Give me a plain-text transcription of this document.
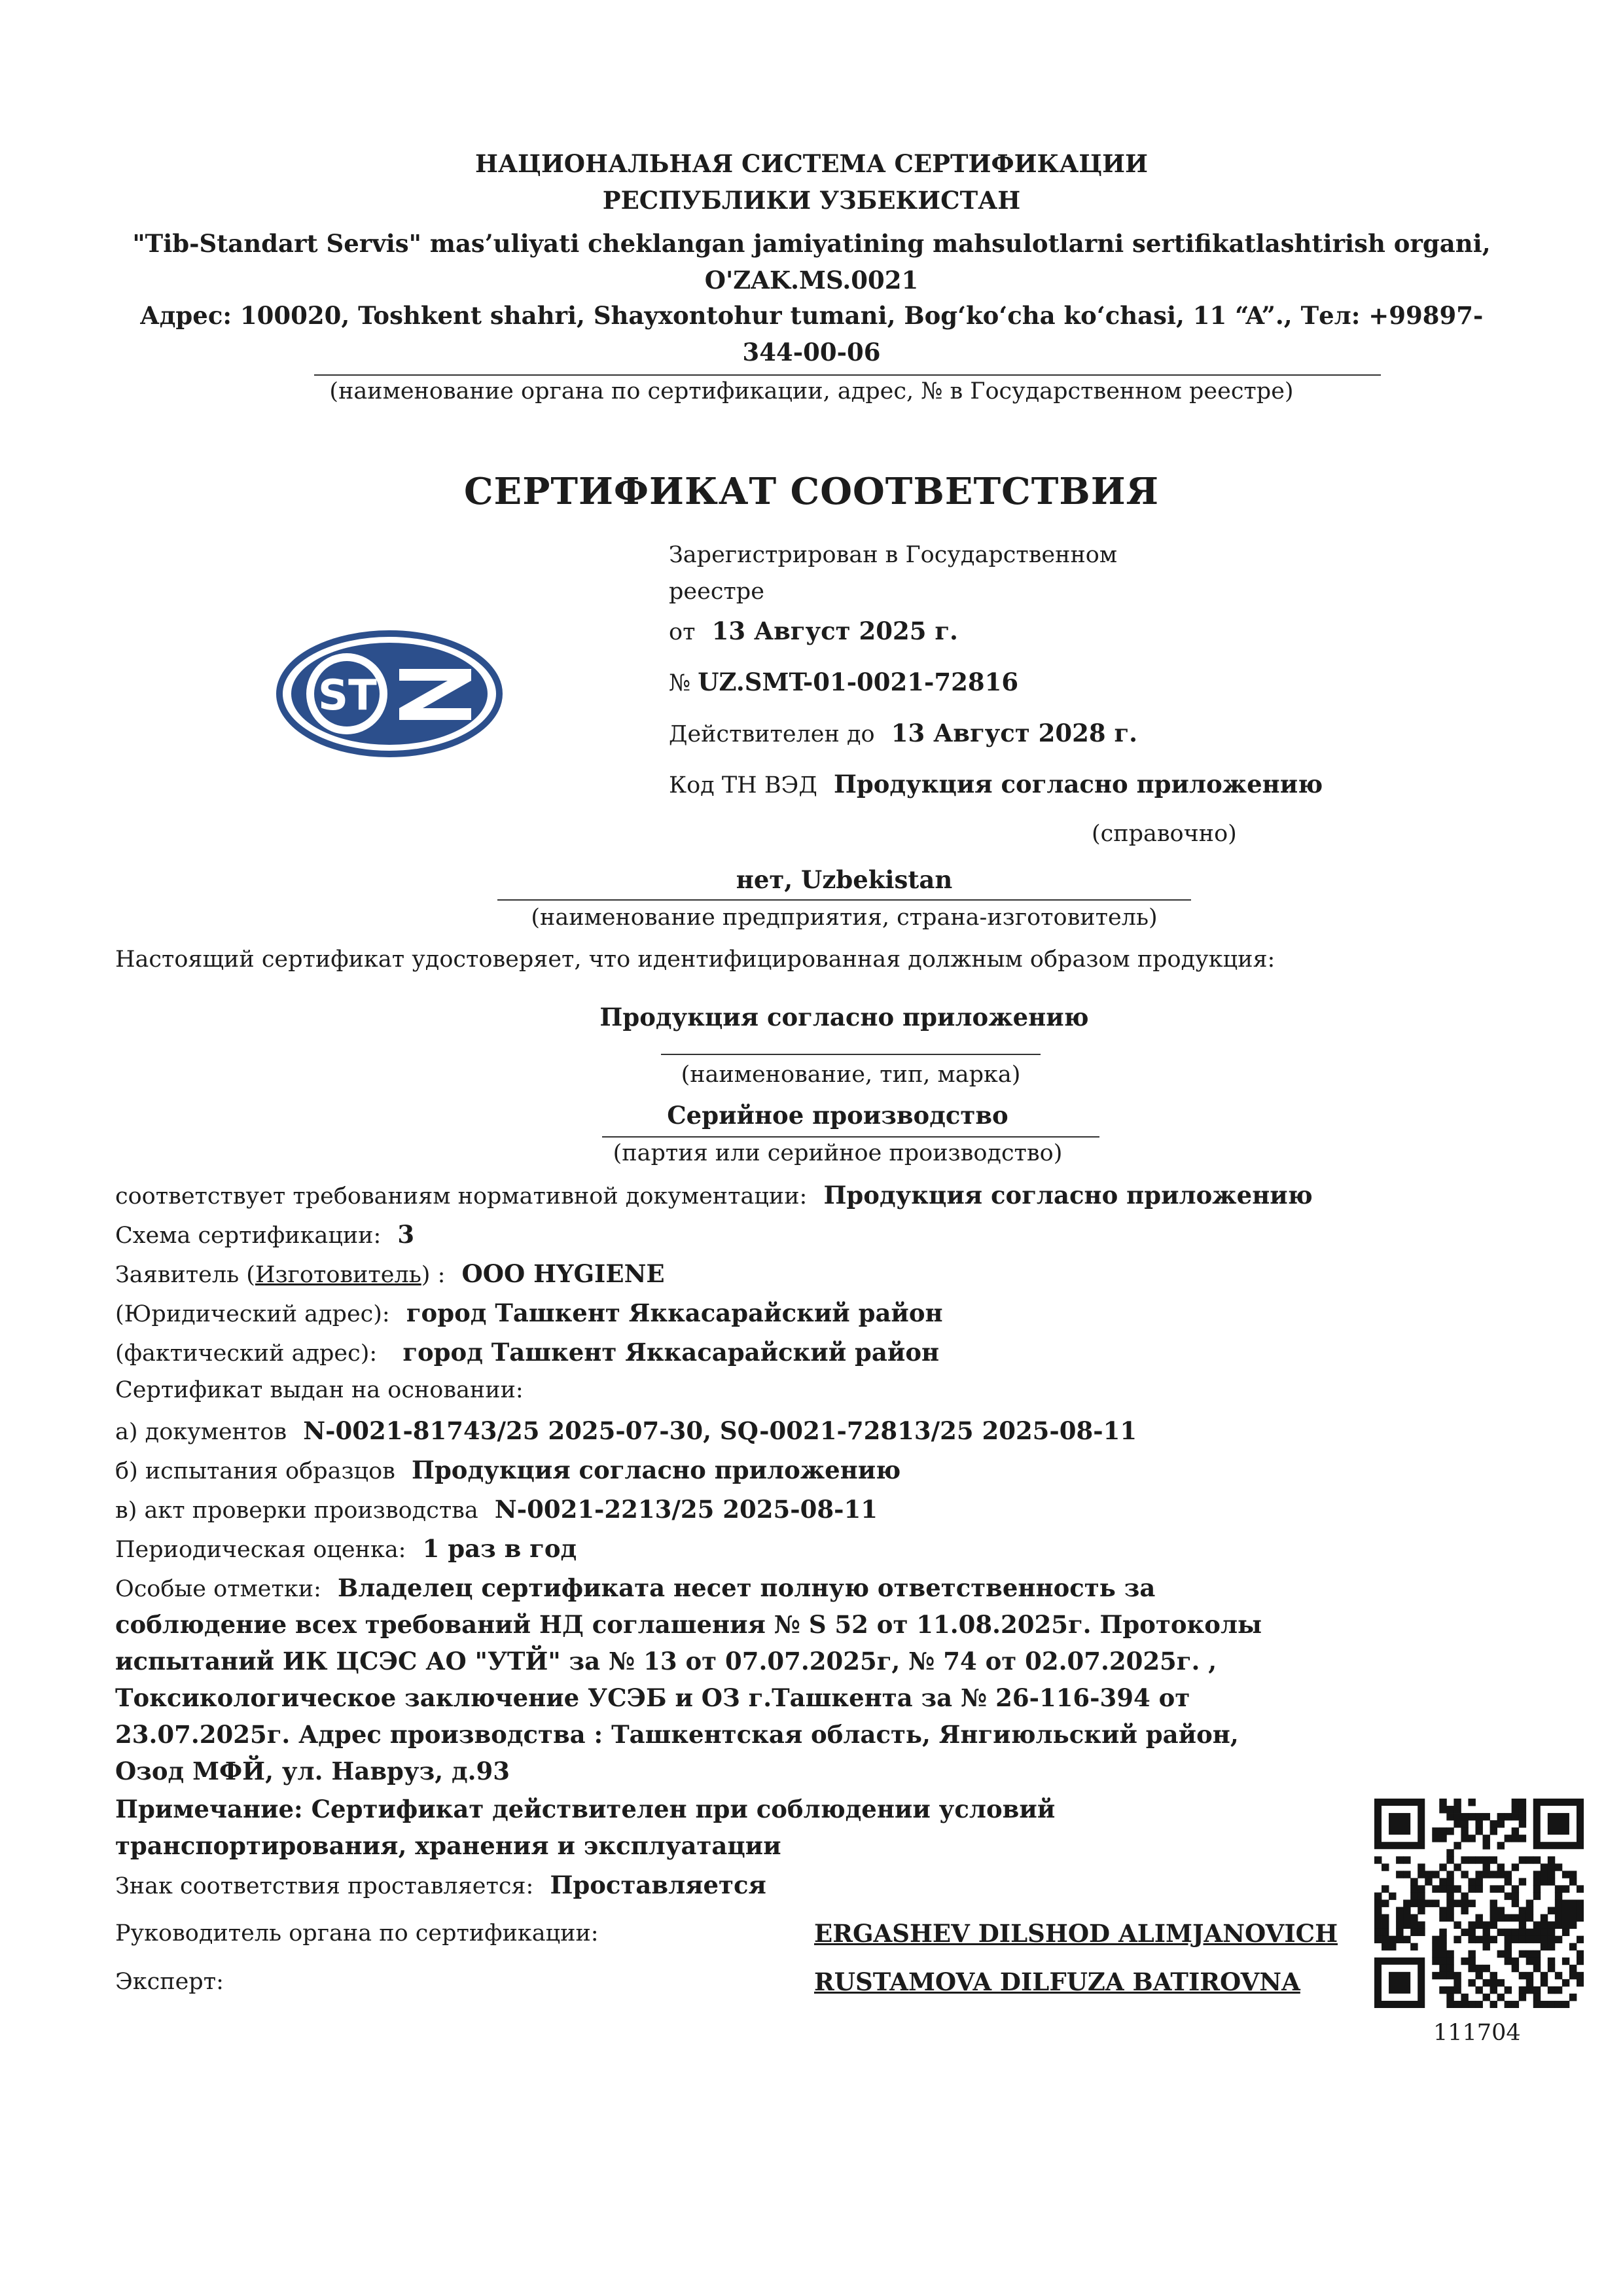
НАЦИОНАЛЬНАЯ СИСТЕМА СЕРТИФИКАЦИИ
РЕСПУБЛИКИ УЗБЕКИСТАН
"Tib-Standart Servis" mas’uliyati cheklangan jamiyatining mahsulotlarni sertifikatlashtirish organi,
O'ZAK.MS.0021
Адрес: 100020, Toshkent shahri, Shayxontohur tumani, Bog‘ko‘cha ko‘chasi, 11 “A”., Тел: +99897-
344-00-06
(наименование органа по сертификации, адрес, № в Государственном реестре)
СЕРТИФИКАТ СООТВЕТСТВИЯ
ST
Зарегистрирован в Государственном
реестре
от 13 Август 2025 г.
№ UZ.SMT-01-0021-72816
Действителен до 13 Август 2028 г.
Код ТН ВЭД Продукция согласно приложению
(справочно)
нет, Uzbekistan
(наименование предприятия, страна-изготовитель)
Настоящий сертификат удостоверяет, что идентифицированная должным образом продукция:
Продукция согласно приложению
(наименование, тип, марка)
Серийное производство
(партия или серийное производство)
соответствует требованиям нормативной документации: Продукция согласно приложению
Схема сертификации: 3
Заявитель (Изготовитель) : ООО HYGIENE
(Юридический адрес): город Ташкент Яккасарайский район
(фактический адрес): город Ташкент Яккасарайский район
Сертификат выдан на основании:
а) документов N-0021-81743/25 2025-07-30, SQ-0021-72813/25 2025-08-11
б) испытания образцов Продукция согласно приложению
в) акт проверки производства N-0021-2213/25 2025-08-11
Периодическая оценка: 1 раз в год
Особые отметки: Владелец сертификата несет полную ответственность за
соблюдение всех требований НД соглашения № S 52 от 11.08.2025г. Протоколы
испытаний ИК ЦСЭС АО "УТЙ" за № 13 от 07.07.2025г, № 74 от 02.07.2025г. ,
Токсикологическое заключение УСЭБ и ОЗ г.Ташкента за № 26-116-394 от
23.07.2025г. Адрес производства : Ташкентская область, Янгиюльский район,
Озод МФЙ, ул. Навруз, д.93
Примечание: Сертификат действителен при соблюдении условий
транспортирования, хранения и эксплуатации
Знак соответствия проставляется: Проставляется
Руководитель органа по сертификации:	ERGASHEV DILSHOD ALIMJANOVICH
Эксперт:	RUSTAMOVA DILFUZA BATIROVNA
111704
